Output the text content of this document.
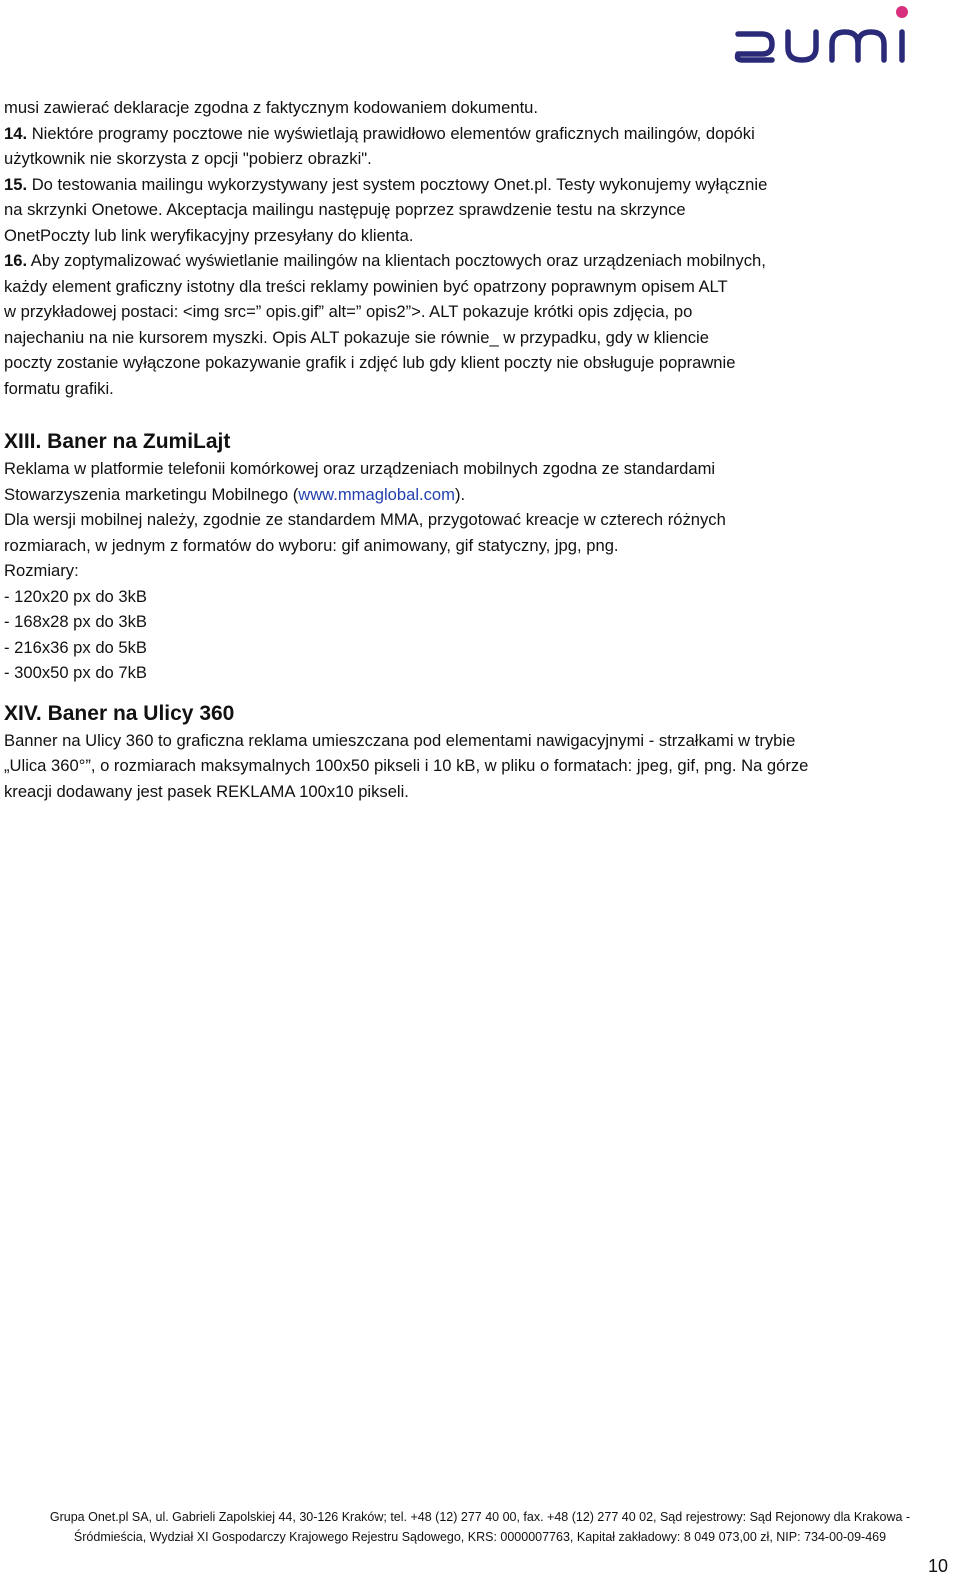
zumi

musi zawierać deklaracje zgodna z faktycznym kodowaniem dokumentu.

14. Niektóre programy pocztowe nie wyświetlają prawidłowo elementów graficznych mailingów, dopóki

użytkownik nie skorzysta z opcji "pobierz obrazki".

15. Do testowania mailingu wykorzystywany jest system pocztowy Onet.pl. Testy wykonujemy wyłącznie

na skrzynki Onetowe. Akceptacja mailingu następuję poprzez sprawdzenie testu na skrzynce

OnetPoczty lub link weryfikacyjny przesyłany do klienta.

16. Aby zoptymalizować wyświetlanie mailingów na klientach pocztowych oraz urządzeniach mobilnych,

każdy element graficzny istotny dla treści reklamy powinien być opatrzony poprawnym opisem ALT

w przykładowej postaci: <img src=” opis.gif” alt=” opis2”>. ALT pokazuje krótki opis zdjęcia, po

najechaniu na nie kursorem myszki. Opis ALT pokazuje sie równie_ w przypadku, gdy w kliencie

poczty zostanie wyłączone pokazywanie grafik i zdjęć lub gdy klient poczty nie obsługuje poprawnie

formatu grafiki.

XIII. Baner na ZumiLajt

Reklama w platformie telefonii komórkowej oraz urządzeniach mobilnych zgodna ze standardami

Stowarzyszenia marketingu Mobilnego (www.mmaglobal.com).

Dla wersji mobilnej należy, zgodnie ze standardem MMA, przygotować kreacje w czterech różnych

rozmiarach, w jednym z formatów do wyboru: gif animowany, gif statyczny, jpg, png.

Rozmiary:

- 120x20 px do 3kB

- 168x28 px do 3kB

- 216x36 px do 5kB

- 300x50 px do 7kB

XIV. Baner na Ulicy 360

Banner na Ulicy 360 to graficzna reklama umieszczana pod elementami nawigacyjnymi - strzałkami w trybie

„Ulica 360°”, o rozmiarach maksymalnych 100x50 pikseli i 10 kB, w pliku o formatach: jpeg, gif, png. Na górze

kreacji dodawany jest pasek REKLAMA 100x10 pikseli.

Grupa Onet.pl SA, ul. Gabrieli Zapolskiej 44, 30-126 Kraków; tel. +48 (12) 277 40 00, fax. +48 (12) 277 40 02, Sąd rejestrowy: Sąd Rejonowy dla Krakowa -
Śródmieścia, Wydział XI Gospodarczy Krajowego Rejestru Sądowego, KRS: 0000007763, Kapitał zakładowy: 8 049 073,00 zł, NIP: 734-00-09-469
10
